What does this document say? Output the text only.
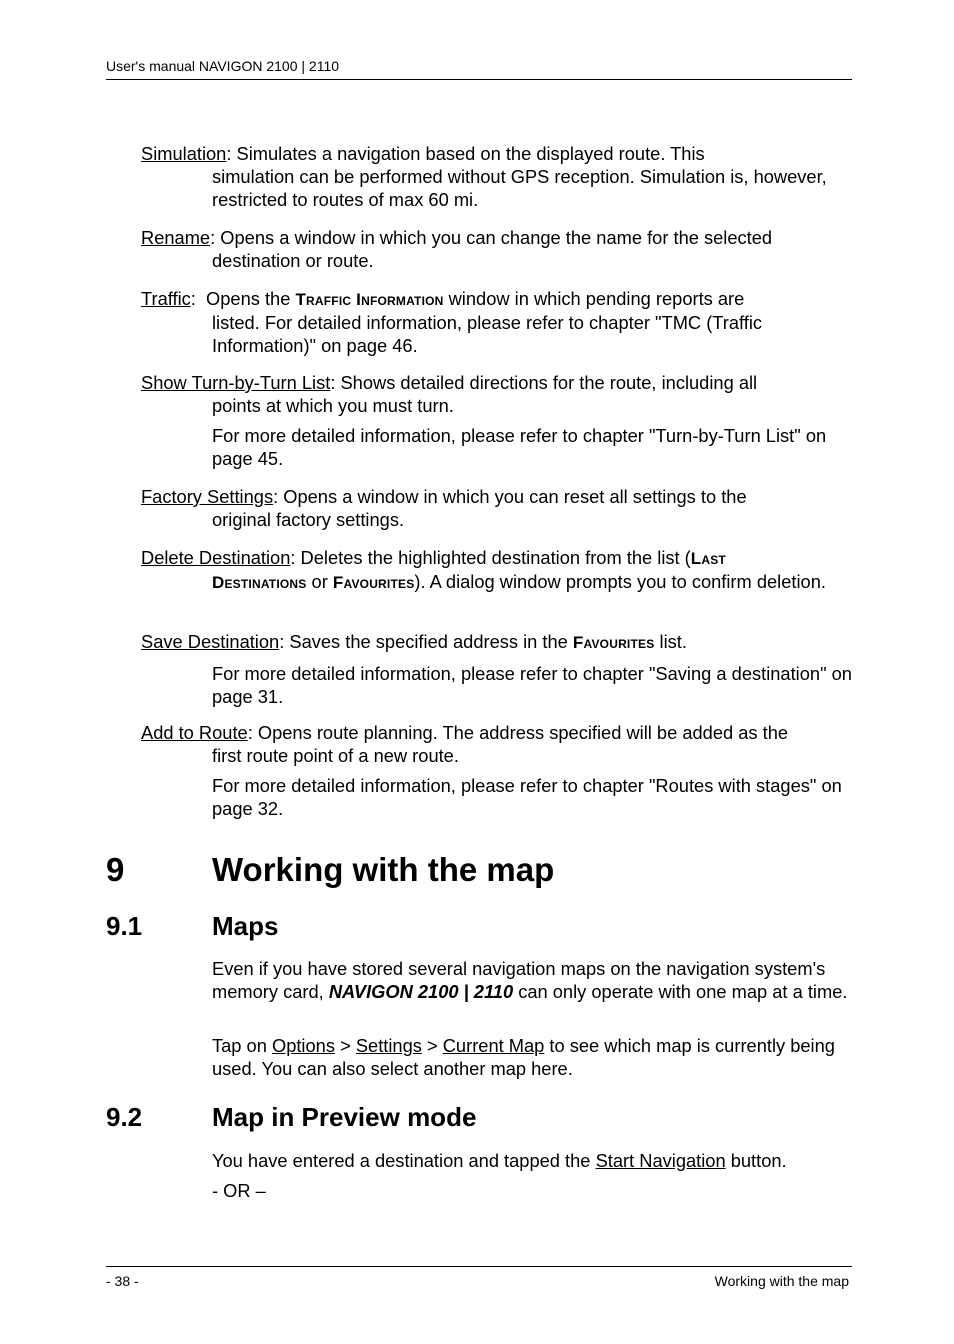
User's manual NAVIGON 2100 | 2110
Simulation: Simulates a navigation based on the displayed route. This
simulation can be performed without GPS reception. Simulation is, however, restricted to routes of max 60 mi.
Rename: Opens a window in which you can change the name for the selected
destination or route.
Traffic:  Opens the Traffic Information window in which pending reports are
listed. For detailed information, please refer to chapter "TMC (Traffic Information)" on page 46.
Show Turn-by-Turn List: Shows detailed directions for the route, including all
points at which you must turn.
For more detailed information, please refer to chapter "Turn-by-Turn List" on page 45.
Factory Settings: Opens a window in which you can reset all settings to the
original factory settings.
Delete Destination: Deletes the highlighted destination from the list (Last
Destinations or Favourites). A dialog window prompts you to confirm deletion.
Save Destination: Saves the specified address in the Favourites list.
For more detailed information, please refer to chapter "Saving a destination" on page 31.
Add to Route: Opens route planning. The address specified will be added as the
first route point of a new route.
For more detailed information, please refer to chapter "Routes with stages" on page 32.
9	Working with the map
9.1	Maps
Even if you have stored several navigation maps on the navigation system's memory card, NAVIGON 2100 | 2110 can only operate with one map at a time.
Tap on Options > Settings > Current Map to see which map is currently being used. You can also select another map here.
9.2	Map in Preview mode
You have entered a destination and tapped the Start Navigation button.
- OR –
- 38 -	Working with the map
